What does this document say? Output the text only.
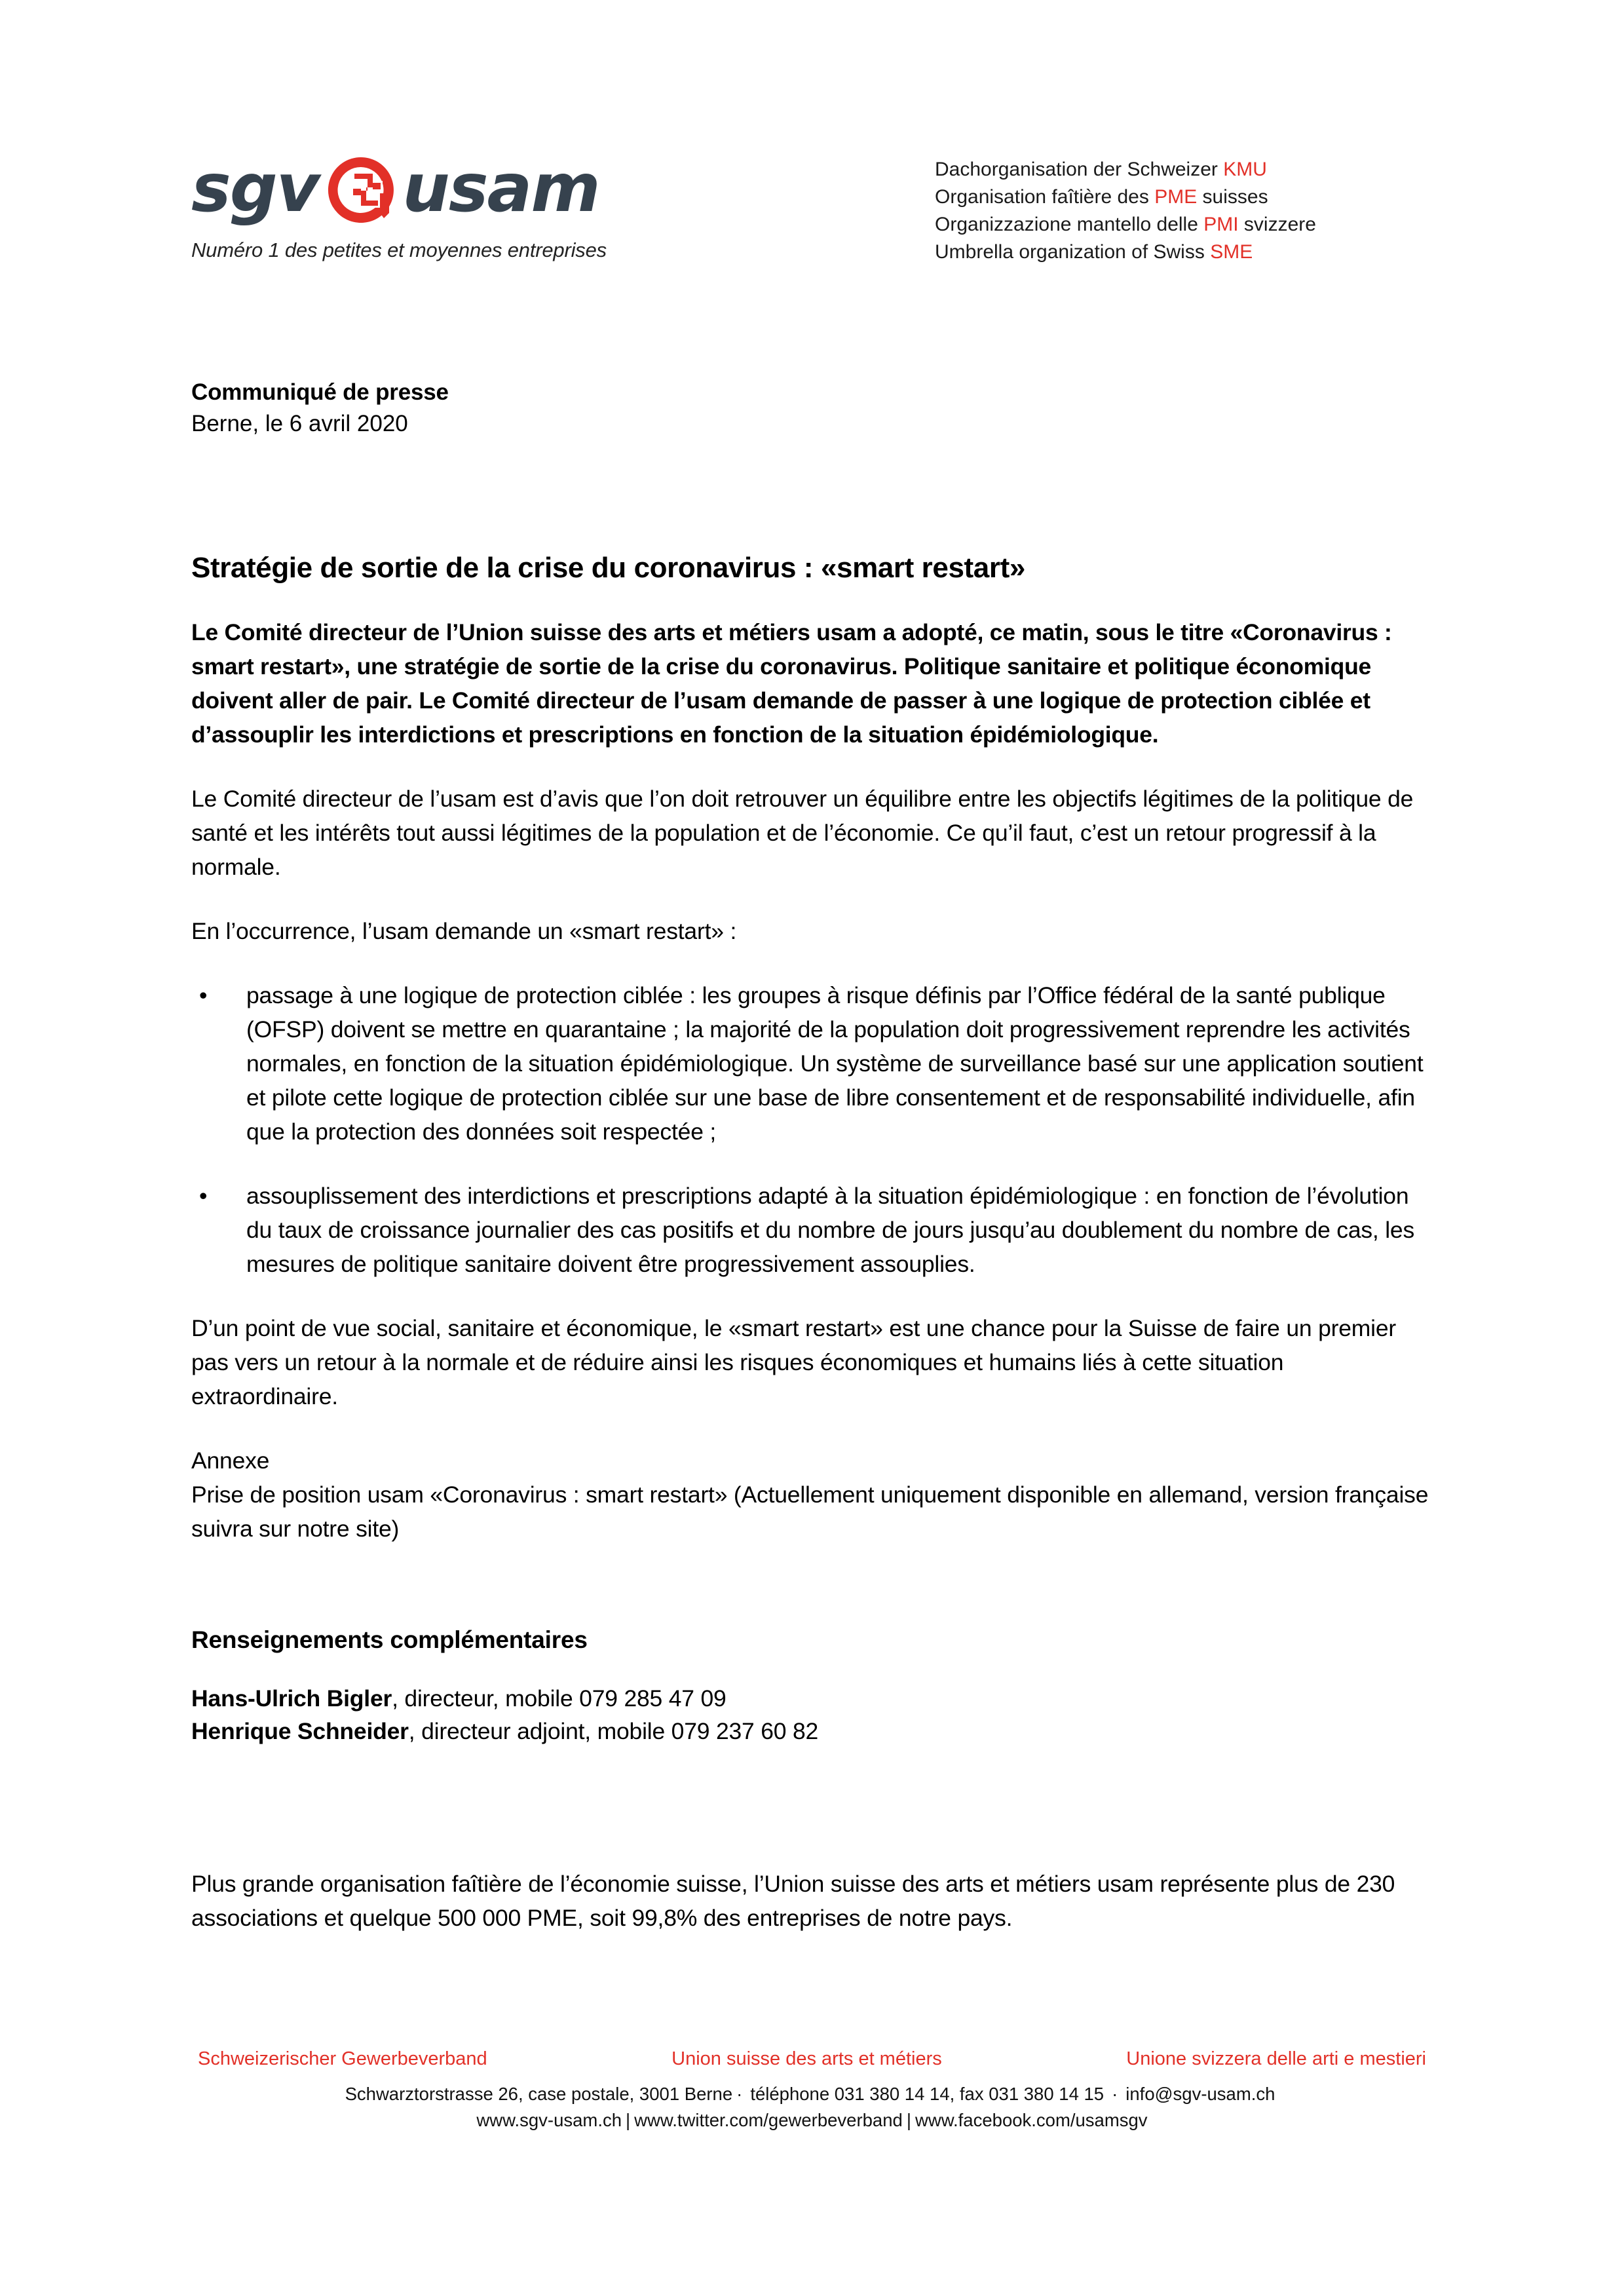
sgv usam
Numéro 1 des petites et moyennes entreprises
Dachorganisation der Schweizer KMU
Organisation faîtière des PME suisses
Organizzazione mantello delle PMI svizzere
Umbrella organization of Swiss SME
Communiqué de presse
Berne, le 6 avril 2020
Stratégie de sortie de la crise du coronavirus : «smart restart»

Le Comité directeur de l’Union suisse des arts et métiers usam a adopté, ce matin, sous le titre «Coronavirus : smart restart», une stratégie de sortie de la crise du coronavirus. Politique sanitaire et politique économique doivent aller de pair. Le Comité directeur de l’usam demande de passer à une logique de protection ciblée et d’assouplir les interdictions et prescriptions en fonction de la situation épidémiologique.

Le Comité directeur de l’usam est d’avis que l’on doit retrouver un équilibre entre les objectifs légitimes de la politique de santé et les intérêts tout aussi légitimes de la population et de l’économie. Ce qu’il faut, c’est un retour progressif à la normale.

En l’occurrence, l’usam demande un «smart restart» :

• passage à une logique de protection ciblée : les groupes à risque définis par l’Office fédéral de la santé publique (OFSP) doivent se mettre en quarantaine ; la majorité de la population doit progressivement reprendre les activités normales, en fonction de la situation épidémiologique. Un système de surveillance basé sur une application soutient et pilote cette logique de protection ciblée sur une base de libre consentement et de responsabilité individuelle, afin que la protection des données soit respectée ;
• assouplissement des interdictions et prescriptions adapté à la situation épidémiologique : en fonction de l’évolution du taux de croissance journalier des cas positifs et du nombre de jours jusqu’au doublement du nombre de cas, les mesures de politique sanitaire doivent être progressivement assouplies.

D’un point de vue social, sanitaire et économique, le «smart restart» est une chance pour la Suisse de faire un premier pas vers un retour à la normale et de réduire ainsi les risques économiques et humains liés à cette situation extraordinaire.

Annexe

Prise de position usam «Coronavirus : smart restart» (Actuellement uniquement disponible en allemand, version française suivra sur notre site)

Renseignements complémentaires
Hans-Ulrich Bigler, directeur, mobile 079 285 47 09
Henrique Schneider, directeur adjoint, mobile 079 237 60 82

Plus grande organisation faîtière de l’économie suisse, l’Union suisse des arts et métiers usam représente plus de 230 associations et quelque 500 000 PME, soit 99,8% des entreprises de notre pays.

Schweizerischer Gewerbeverband	Union suisse des arts et métiers	Unione svizzera delle arti e mestieri
Schwarztorstrasse 26, case postale, 3001 Berne · téléphone 031 380 14 14, fax 031 380 14 15 · info@sgv-usam.ch
www.sgv-usam.ch | www.twitter.com/gewerbeverband | www.facebook.com/usamsgv
